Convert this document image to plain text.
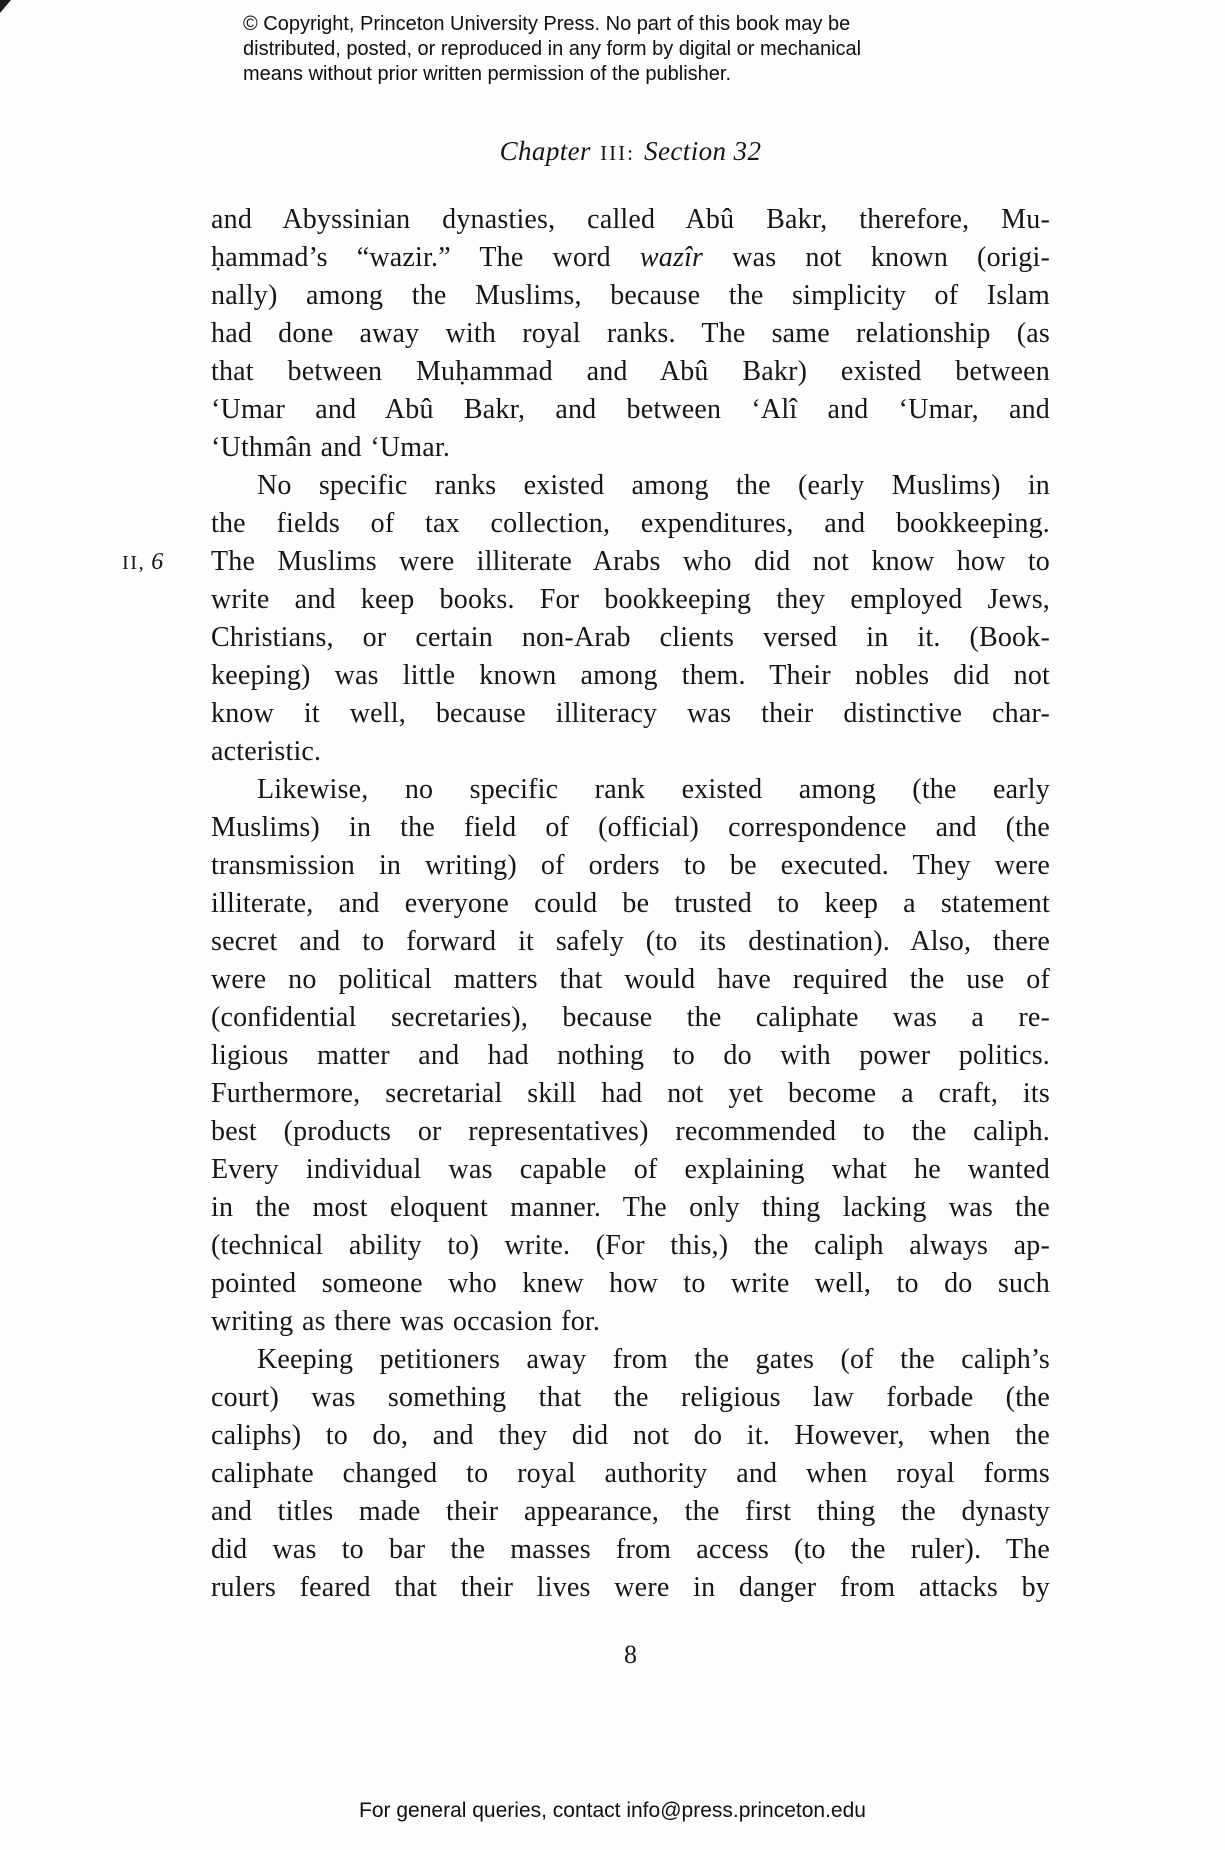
© Copyright, Princeton University Press. No part of this book may be
distributed, posted, or reproduced in any form by digital or mechanical
means without prior written permission of the publisher.
Chapter III: Section 32
II, 6
and Abyssinian dynasties, called Abû Bakr, therefore, Mu-
ḥammad’s “wazir.” The word wazîr was not known (origi-
nally) among the Muslims, because the simplicity of Islam
had done away with royal ranks. The same relationship (as
that between Muḥammad and Abû Bakr) existed between
‘Umar and Abû Bakr, and between ‘Alî and ‘Umar, and
‘Uthmân and ‘Umar.
No specific ranks existed among the (early Muslims) in
the fields of tax collection, expenditures, and bookkeeping.
The Muslims were illiterate Arabs who did not know how to
write and keep books. For bookkeeping they employed Jews,
Christians, or certain non-Arab clients versed in it. (Book-
keeping) was little known among them. Their nobles did not
know it well, because illiteracy was their distinctive char-
acteristic.
Likewise, no specific rank existed among (the early
Muslims) in the field of (official) correspondence and (the
transmission in writing) of orders to be executed. They were
illiterate, and everyone could be trusted to keep a statement
secret and to forward it safely (to its destination). Also, there
were no political matters that would have required the use of
(confidential secretaries), because the caliphate was a re-
ligious matter and had nothing to do with power politics.
Furthermore, secretarial skill had not yet become a craft, its
best (products or representatives) recommended to the caliph.
Every individual was capable of explaining what he wanted
in the most eloquent manner. The only thing lacking was the
(technical ability to) write. (For this,) the caliph always ap-
pointed someone who knew how to write well, to do such
writing as there was occasion for.
Keeping petitioners away from the gates (of the caliph’s
court) was something that the religious law forbade (the
caliphs) to do, and they did not do it. However, when the
caliphate changed to royal authority and when royal forms
and titles made their appearance, the first thing the dynasty
did was to bar the masses from access (to the ruler). The
rulers feared that their lives were in danger from attacks by
8
For general queries, contact info@press.princeton.edu
